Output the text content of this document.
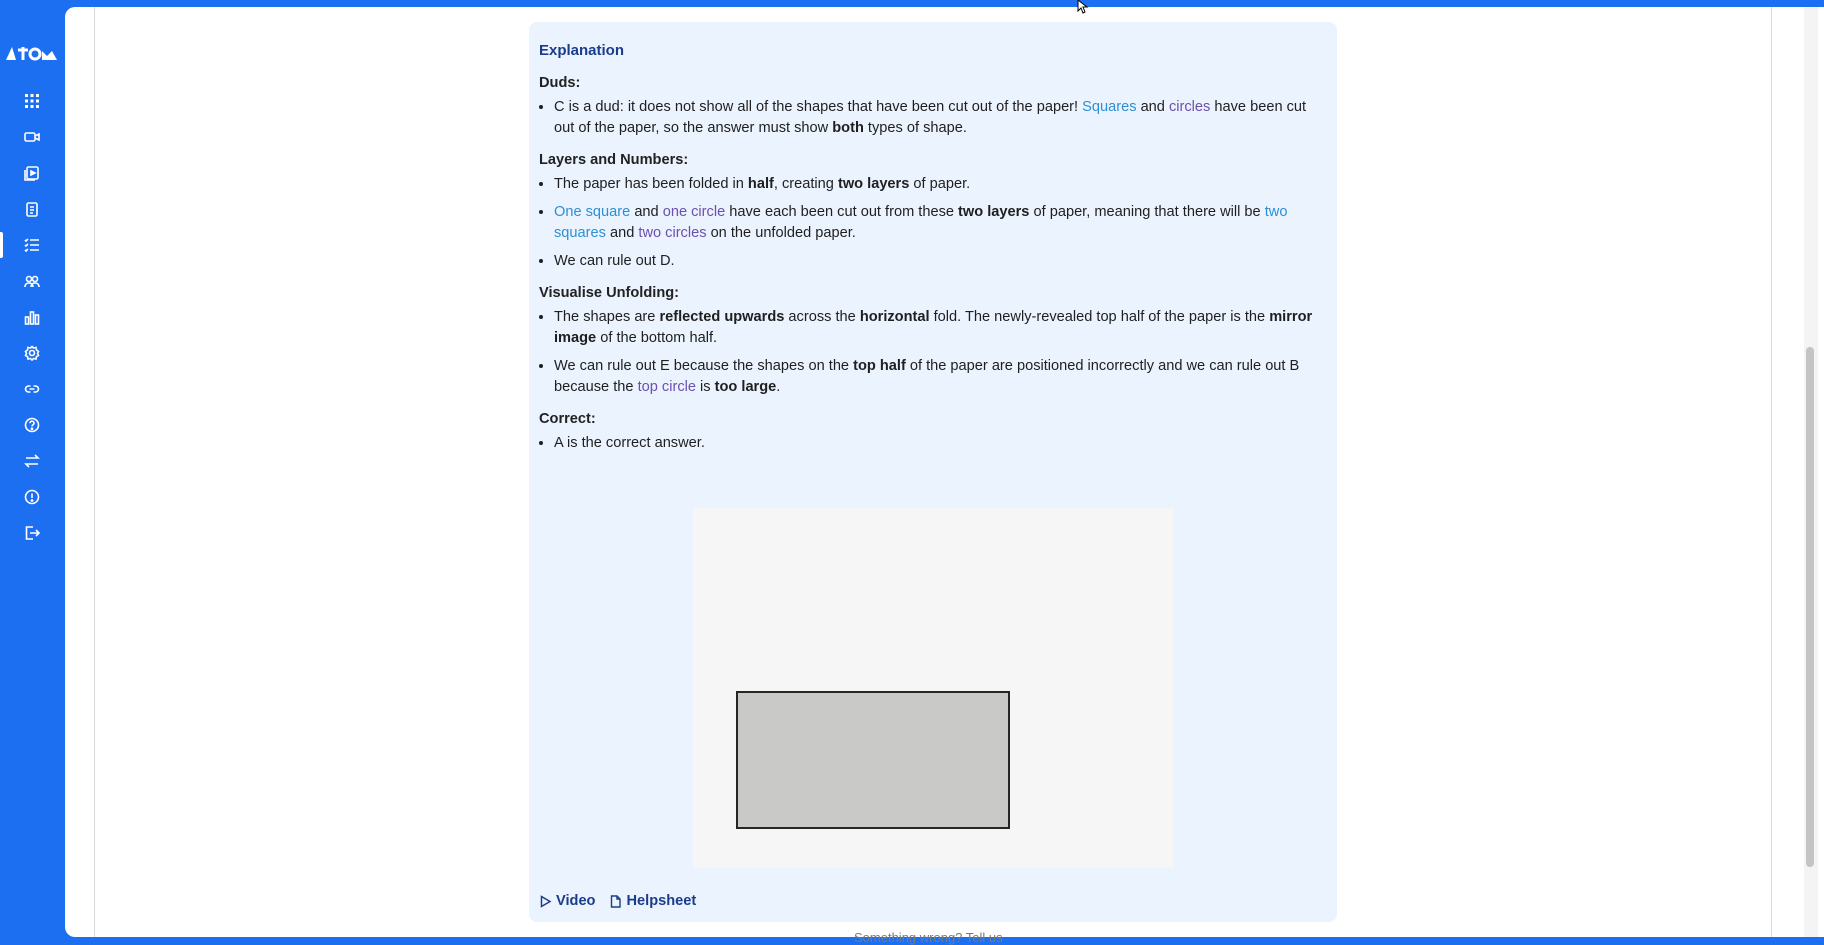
Explanation
Duds:
• C is a dud: it does not show all of the shapes that have been cut out of the paper! Squares and circles have been cut out of the paper, so the answer must show both types of shape.
Layers and Numbers:
• The paper has been folded in half, creating two layers of paper.
• One square and one circle have each been cut out from these two layers of paper, meaning that there will be two squares and two circles on the unfolded paper.
• We can rule out D.
Visualise Unfolding:
• The shapes are reflected upwards across the horizontal fold. The newly-revealed top half of the paper is the mirror image of the bottom half.
• We can rule out E because the shapes on the top half of the paper are positioned incorrectly and we can rule out B because the top circle is too large.
Correct:
• A is the correct answer.
Video Helpsheet
Something wrong? Tell us
